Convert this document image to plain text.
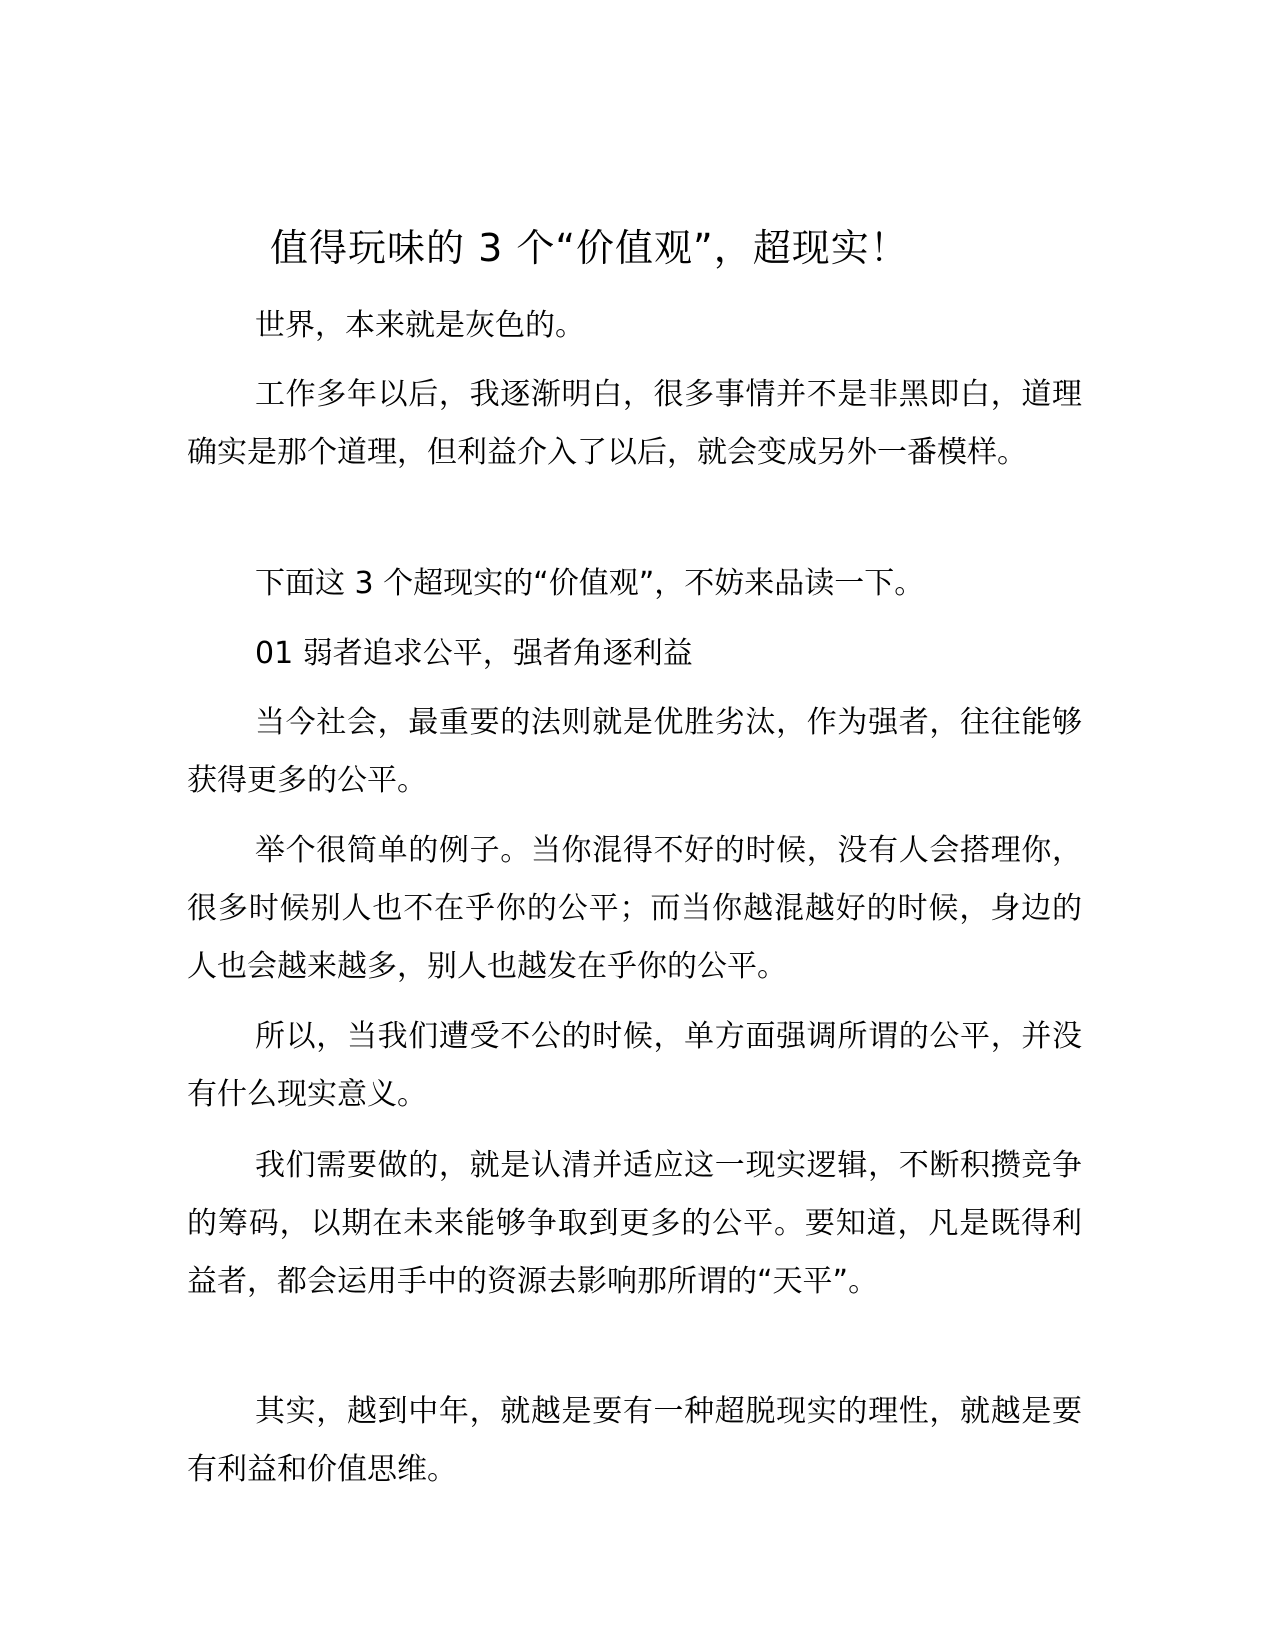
值得玩味的 3 个“价值观”，超现实！

世界，本来就是灰色的。

工作多年以后，我逐渐明白，很多事情并不是非黑即白，道理确实是那个道理，但利益介入了以后，就会变成另外一番模样。

下面这 3 个超现实的“价值观”，不妨来品读一下。

01 弱者追求公平，强者角逐利益

当今社会，最重要的法则就是优胜劣汰，作为强者，往往能够获得更多的公平。

举个很简单的例子。当你混得不好的时候，没有人会搭理你，很多时候别人也不在乎你的公平；而当你越混越好的时候，身边的人也会越来越多，别人也越发在乎你的公平。

所以，当我们遭受不公的时候，单方面强调所谓的公平，并没有什么现实意义。

我们需要做的，就是认清并适应这一现实逻辑，不断积攒竞争的筹码，以期在未来能够争取到更多的公平。要知道，凡是既得利益者，都会运用手中的资源去影响那所谓的“天平”。

其实，越到中年，就越是要有一种超脱现实的理性，就越是要有利益和价值思维。
